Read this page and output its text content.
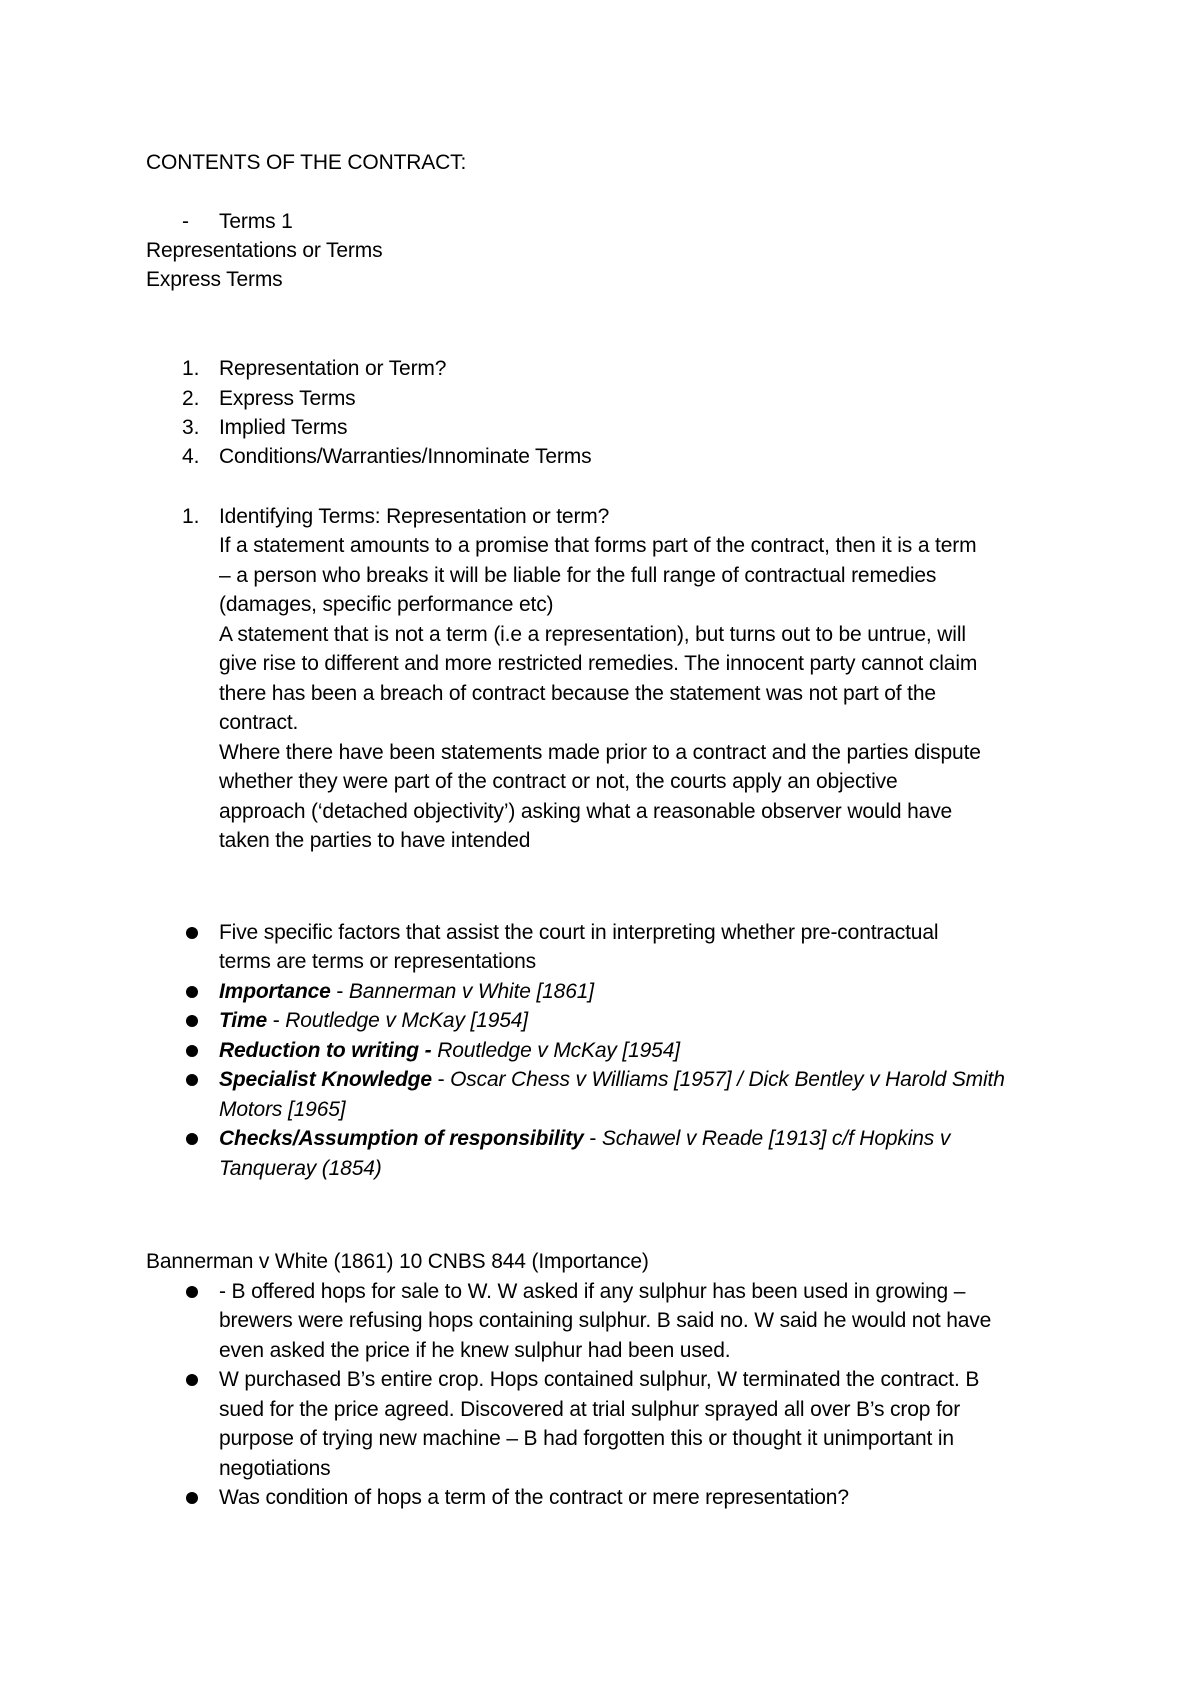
CONTENTS OF THE CONTRACT:
- Terms 1
Representations or Terms
Express Terms
1. Representation or Term?
2. Express Terms
3. Implied Terms
4. Conditions/Warranties/Innominate Terms
1. Identifying Terms: Representation or term?
If a statement amounts to a promise that forms part of the contract, then it is a term
– a person who breaks it will be liable for the full range of contractual remedies
(damages, specific performance etc)
A statement that is not a term (i.e a representation), but turns out to be untrue, will
give rise to different and more restricted remedies. The innocent party cannot claim
there has been a breach of contract because the statement was not part of the
contract.
Where there have been statements made prior to a contract and the parties dispute
whether they were part of the contract or not, the courts apply an objective
approach (‘detached objectivity’) asking what a reasonable observer would have
taken the parties to have intended
Five specific factors that assist the court in interpreting whether pre-contractual
terms are terms or representations
Importance - Bannerman v White [1861]
Time - Routledge v McKay [1954]
Reduction to writing - Routledge v McKay [1954]
Specialist Knowledge - Oscar Chess v Williams [1957] / Dick Bentley v Harold Smith
Motors [1965]
Checks/Assumption of responsibility - Schawel v Reade [1913] c/f Hopkins v
Tanqueray (1854)
Bannerman v White (1861) 10 CNBS 844 (Importance)
- B offered hops for sale to W. W asked if any sulphur has been used in growing –
brewers were refusing hops containing sulphur. B said no. W said he would not have
even asked the price if he knew sulphur had been used.
W purchased B’s entire crop. Hops contained sulphur, W terminated the contract. B
sued for the price agreed. Discovered at trial sulphur sprayed all over B’s crop for
purpose of trying new machine – B had forgotten this or thought it unimportant in
negotiations
Was condition of hops a term of the contract or mere representation?
